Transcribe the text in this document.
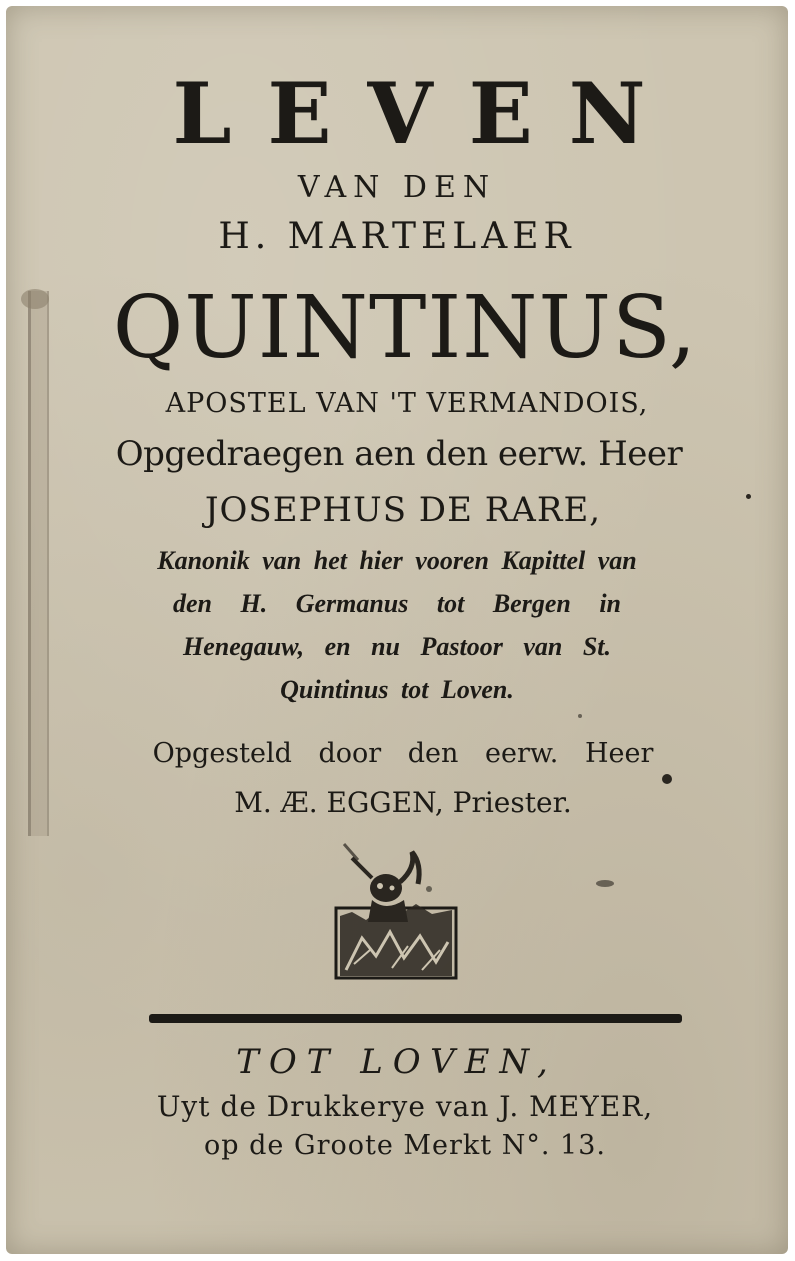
LEVEN
VAN DEN
H. MARTELAER
QUINTINUS,
APOSTEL VAN 'T VERMANDOIS,
Opgedraegen aen den eerw. Heer
JOSEPHUS DE RARE,
Kanonik van het hier vooren Kapittel van
den H. Germanus tot Bergen in
Henegauw, en nu Pastoor van St.
Quintinus tot Loven.
Opgesteld door den eerw. Heer
M. Æ. EGGEN, Priester.
TOT LOVEN,
Uyt de Drukkerye van J. MEYER,
op de Groote Merkt N°. 13.
